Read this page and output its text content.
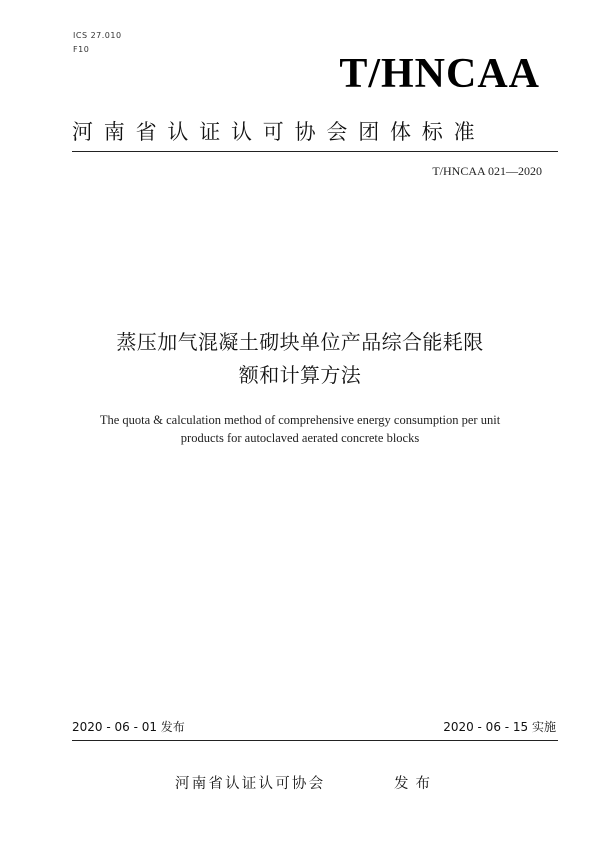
ICS 27.010
F10
T/HNCAA
河南省认证认可协会团体标准
T/HNCAA 021—2020
蒸压加气混凝土砌块单位产品综合能耗限
额和计算方法
The quota & calculation method of comprehensive energy consumption per unit
products for autoclaved aerated concrete blocks
2020 - 06 - 01 发布	2020 - 06 - 15 实施
河南省认证认可协会	发布
